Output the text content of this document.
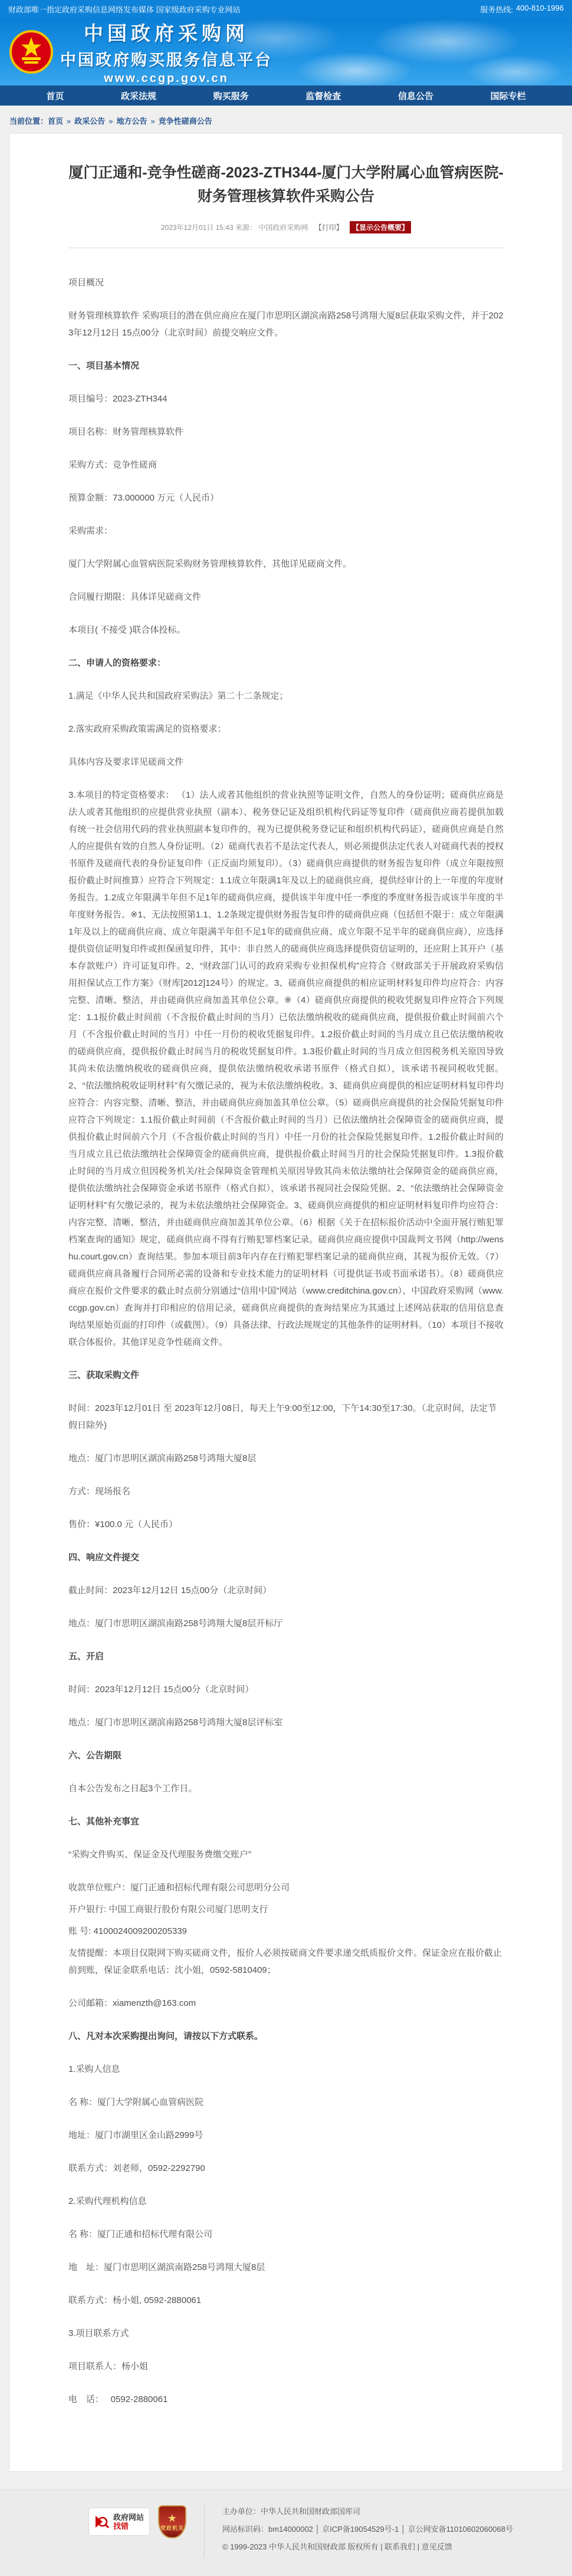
财政部唯一指定政府采购信息网络发布媒体 国家级政府采购专业网站	服务热线: 400-810-1996
中国政府采购网
中国政府购买服务信息平台
www.ccgp.gov.cn
首页	政采法规	购买服务	监督检查	信息公告	国际专栏
当前位置：首页 » 政采公告 » 地方公告 » 竞争性磋商公告
厦门正通和-竞争性磋商-2023-ZTH344-厦门大学附属心血管病医院-财务管理核算软件采购公告
2023年12月01日 15:43 来源： 中国政府采购网 【打印】 【显示公告概要】

项目概况

财务管理核算软件 采购项目的潜在供应商应在厦门市思明区湖滨南路258号鸿翔大厦8层获取采购文件，并于2023年12月12日 15点00分（北京时间）前提交响应文件。

一、项目基本情况

项目编号：2023-ZTH344

项目名称：财务管理核算软件

采购方式：竞争性磋商

预算金额：73.000000 万元（人民币）

采购需求：

厦门大学附属心血管病医院采购财务管理核算软件，其他详见磋商文件。

合同履行期限：具体详见磋商文件

本项目( 不接受 )联合体投标。

二、申请人的资格要求：

1.满足《中华人民共和国政府采购法》第二十二条规定；

2.落实政府采购政策需满足的资格要求：

具体内容及要求详见磋商文件

3.本项目的特定资格要求： （1）法人或者其他组织的营业执照等证明文件，自然人的身份证明；磋商供应商是法人或者其他组织的应提供营业执照（副本）、税务登记证及组织机构代码证等复印件（磋商供应商若提供加载有统一社会信用代码的营业执照副本复印件的，视为已提供税务登记证和组织机构代码证），磋商供应商是自然人的应提供有效的自然人身份证明。（2）磋商代表若不是法定代表人，则必须提供法定代表人对磋商代表的授权书原件及磋商代表的身份证复印件（正反面均须复印）。（3）磋商供应商提供的财务报告复印件（成立年限按照报价截止时间推算）应符合下列规定：1.1成立年限满1年及以上的磋商供应商，提供经审计的上一年度的年度财务报告。1.2成立年限满半年但不足1年的磋商供应商，提供该半年度中任一季度的季度财务报告或该半年度的半年度财务报告。※1、无法按照第1.1、1.2条规定提供财务报告复印件的磋商供应商（包括但不限于：成立年限满1年及以上的磋商供应商、成立年限满半年但不足1年的磋商供应商、成立年限不足半年的磋商供应商），应选择提供资信证明复印件或担保函复印件，其中：非自然人的磋商供应商选择提供资信证明的，还应附上其开户（基本存款账户）许可证复印件。2、“财政部门认可的政府采购专业担保机构”应符合《财政部关于开展政府采购信用担保试点工作方案》（财库[2012]124号）的规定。3、磋商供应商提供的相应证明材料复印件均应符合：内容完整、清晰、整洁，并由磋商供应商加盖其单位公章。※（4）磋商供应商提供的税收凭据复印件应符合下列规定：1.1报价截止时间前（不含报价截止时间的当月）已依法缴纳税收的磋商供应商，提供报价截止时间前六个月（不含报价截止时间的当月）中任一月份的税收凭据复印件。1.2报价截止时间的当月成立且已依法缴纳税收的磋商供应商，提供报价截止时间当月的税收凭据复印件。1.3报价截止时间的当月成立但因税务机关原因导致其尚未依法缴纳税收的磋商供应商，提供依法缴纳税收承诺书原件（格式自拟），该承诺书视同税收凭据。2、“依法缴纳税收证明材料”有欠缴记录的，视为未依法缴纳税收。3、磋商供应商提供的相应证明材料复印件均应符合：内容完整、清晰、整洁，并由磋商供应商加盖其单位公章。（5）磋商供应商提供的社会保险凭据复印件应符合下列规定：1.1报价截止时间前（不含报价截止时间的当月）已依法缴纳社会保障资金的磋商供应商，提供报价截止时间前六个月（不含报价截止时间的当月）中任一月份的社会保险凭据复印件。1.2报价截止时间的当月成立且已依法缴纳社会保障资金的磋商供应商，提供报价截止时间当月的社会保险凭据复印件。1.3报价截止时间的当月成立但因税务机关/社会保障资金管理机关原因导致其尚未依法缴纳社会保障资金的磋商供应商，提供依法缴纳社会保障资金承诺书原件（格式自拟），该承诺书视同社会保险凭据。2、“依法缴纳社会保障资金证明材料”有欠缴记录的，视为未依法缴纳社会保障资金。3、磋商供应商提供的相应证明材料复印件均应符合：内容完整、清晰、整洁，并由磋商供应商加盖其单位公章。（6）根据《关于在招标报价活动中全面开展行贿犯罪档案查询的通知》规定，磋商供应商不得有行贿犯罪档案记录。磋商供应商应提供中国裁判文书网（http://wenshu.court.gov.cn）查询结果。参加本项目前3年内存在行贿犯罪档案记录的磋商供应商，其视为报价无效。（7）磋商供应商具备履行合同所必需的设备和专业技术能力的证明材料（可提供证书或书面承诺书）。（8）磋商供应商应在报价文件要求的截止时点前分别通过“信用中国”网站（www.creditchina.gov.cn）、中国政府采购网（www.ccgp.gov.cn）查询并打印相应的信用记录，磋商供应商提供的查询结果应为其通过上述网站获取的信用信息查询结果原始页面的打印件（或截图）。（9）具备法律、行政法规规定的其他条件的证明材料。（10）本项目不接收联合体报价。其他详见竞争性磋商文件。

三、获取采购文件

时间：2023年12月01日 至 2023年12月08日，每天上午9:00至12:00，下午14:30至17:30。（北京时间，法定节假日除外)

地点：厦门市思明区湖滨南路258号鸿翔大厦8层

方式：现场报名

售价：¥100.0 元（人民币）

四、响应文件提交

截止时间：2023年12月12日 15点00分（北京时间）

地点：厦门市思明区湖滨南路258号鸿翔大厦8层开标厅

五、开启

时间：2023年12月12日 15点00分（北京时间）

地点：厦门市思明区湖滨南路258号鸿翔大厦8层评标室

六、公告期限

自本公告发布之日起3个工作日。

七、其他补充事宜

“采购文件购买、保证金及代理服务费缴交账户”

收款单位账户：厦门正通和招标代理有限公司思明分公司

开户银行: 中国工商银行股份有限公司厦门思明支行

账 号: 4100024009200205339

友情提醒：本项目仅限网下购买磋商文件，报价人必须按磋商文件要求递交纸质报价文件。保证金应在报价截止前到账，保证金联系电话：沈小姐，0592-5810409；

公司邮箱：xiamenzth@163.com

八、凡对本次采购提出询问，请按以下方式联系。

1.采购人信息

名 称：厦门大学附属心血管病医院

地址：厦门市湖里区金山路2999号

联系方式：刘老师，0592-2292790

2.采购代理机构信息

名 称：厦门正通和招标代理有限公司

地　址：厦门市思明区湖滨南路258号鸿翔大厦8层

联系方式：杨小姐, 0592-2880061

3.项目联系方式

项目联系人：杨小姐

电　话：　 0592-2880061

政府网站
找错
★
党政机关
主办单位：中华人民共和国财政部国库司
网站标识码：bm14000002 │ 京ICP备19054529号-1 │ 京公网安备11010602060068号
© 1999-2023 中华人民共和国财政部 版权所有 | 联系我们 | 意见反馈
